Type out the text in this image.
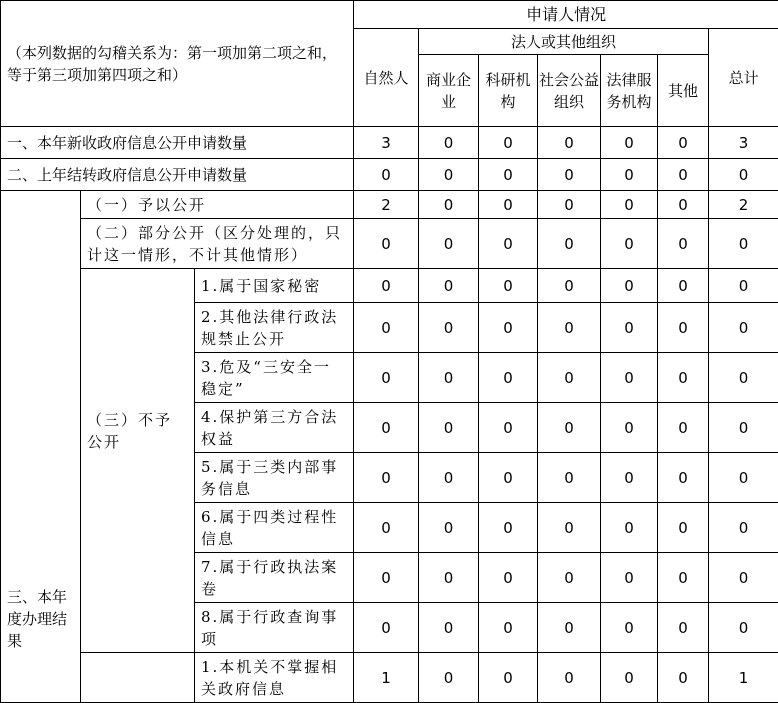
（本列数据的勾稽关系为：第一项加第二项之和，等于第三项加第四项之和）			申请人情况						
			自然人	法人或其他组织					总计
				商业企业	科研机构	社会公益组织	法律服务机构	其他	
一、本年新收政府信息公开申请数量			3	0	0	0	0	0	3
二、上年结转政府信息公开申请数量			0	0	0	0	0	0	0
三、本年度办理结果	（一）予以公开		2	0	0	0	0	0	2
	（二）部分公开（区分处理的，只计这一情形，不计其他情形）		0	0	0	0	0	0	0
	（三）不予公开	1.属于国家秘密	0	0	0	0	0	0	0
		2.其他法律行政法规禁止公开	0	0	0	0	0	0	0
		3.危及“三安全一稳定”	0	0	0	0	0	0	0
		4.保护第三方合法权益	0	0	0	0	0	0	0
		5.属于三类内部事务信息	0	0	0	0	0	0	0
		6.属于四类过程性信息	0	0	0	0	0	0	0
		7.属于行政执法案卷	0	0	0	0	0	0	0
		8.属于行政查询事项	0	0	0	0	0	0	0
		1.本机关不掌握相关政府信息	1	0	0	0	0	0	1
